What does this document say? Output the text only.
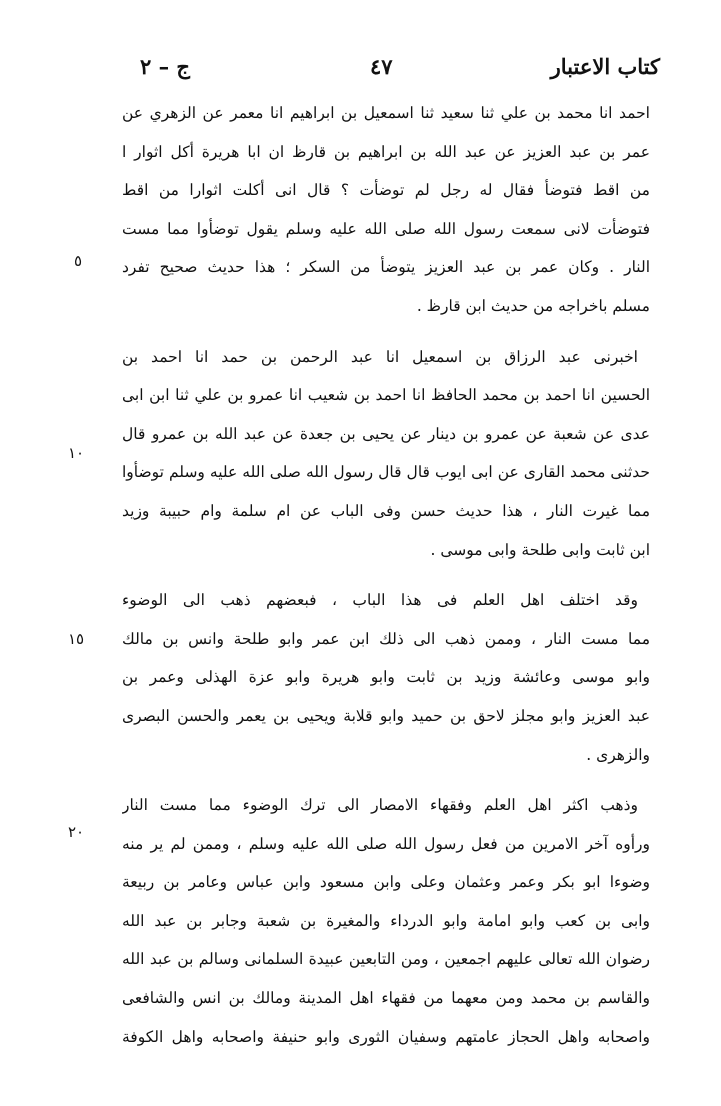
كتاب الاعتبار
٤٧
ج – ٢
٥
١٠
١٥
٢٠
احمد انا محمد بن علي ثنا سعيد ثنا اسمعيل بن ابراهيم انا معمر عن الزهري عن
عمر بن عبد العزيز عن عبد الله بن ابراهيم بن قارظ ان ابا هريرة أكل اثوار ا
من اقط فتوضأ فقال له رجل لم توضأت ؟ قال انى أكلت اثوارا من اقط
فتوضأت لانى سمعت رسول الله صلى الله عليه وسلم يقول توضأوا مما مست
النار . وكان عمر بن عبد العزيز يتوضأ من السكر ؛ هذا حديث صحيح تفرد
مسلم باخراجه من حديث ابن قارظ .
اخبرنى عبد الرزاق بن اسمعيل انا عبد الرحمن بن حمد انا احمد بن
الحسين انا احمد بن محمد الحافظ انا احمد بن شعيب انا عمرو بن علي ثنا ابن ابى
عدى عن شعبة عن عمرو بن دينار عن يحيى بن جعدة عن عبد الله بن عمرو قال
حدثنى محمد القارى عن ابى ايوب قال قال رسول الله صلى الله عليه وسلم توضأوا
مما غيرت النار ، هذا حديث حسن وفى الباب عن ام سلمة وام حبيبة وزيد
ابن ثابت وابى طلحة وابى موسى .
وقد اختلف اهل العلم فى هذا الباب ، فبعضهم ذهب الى الوضوء
مما مست النار ، وممن ذهب الى ذلك ابن عمر وابو طلحة وانس بن مالك
وابو موسى وعائشة وزيد بن ثابت وابو هريرة وابو عزة الهذلى وعمر بن
عبد العزيز وابو مجلز لاحق بن حميد وابو قلابة ويحيى بن يعمر والحسن البصرى
والزهرى .
وذهب اكثر اهل العلم وفقهاء الامصار الى ترك الوضوء مما مست النار
ورأوه آخر الامرين من فعل رسول الله صلى الله عليه وسلم ، وممن لم ير منه
وضوءا ابو بكر وعمر وعثمان وعلى وابن مسعود وابن عباس وعامر بن ربيعة
وابى بن كعب وابو امامة وابو الدرداء والمغيرة بن شعبة وجابر بن عبد الله
رضوان الله تعالى عليهم اجمعين ، ومن التابعين عبيدة السلمانى وسالم بن عبد الله
والقاسم بن محمد ومن معهما من فقهاء اهل المدينة ومالك بن انس والشافعى
واصحابه واهل الحجاز عامتهم وسفيان الثورى وابو حنيفة واصحابه واهل الكوفة
